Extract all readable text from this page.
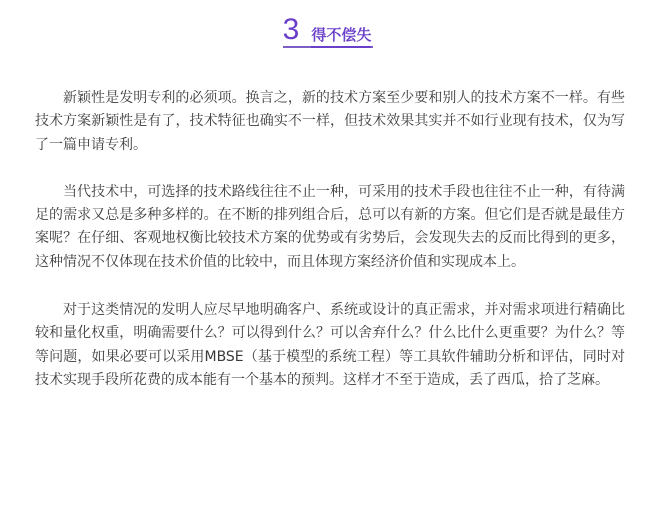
3 得不偿失

新颖性是发明专利的必须项。换言之，新的技术方案至少要和别人的技术方案不一样。有些技术方案新颖性是有了，技术特征也确实不一样，但技术效果其实并不如行业现有技术，仅为写了一篇申请专利。

当代技术中，可选择的技术路线往往不止一种，可采用的技术手段也往往不止一种，有待满足的需求又总是多种多样的。在不断的排列组合后，总可以有新的方案。但它们是否就是最佳方案呢？在仔细、客观地权衡比较技术方案的优势或有劣势后，会发现失去的反而比得到的更多，这种情况不仅体现在技术价值的比较中，而且体现方案经济价值和实现成本上。

对于这类情况的发明人应尽早地明确客户、系统或设计的真正需求，并对需求项进行精确比较和量化权重，明确需要什么？可以得到什么？可以舍弃什么？什么比什么更重要？为什么？等等问题，如果必要可以采用MBSE（基于模型的系统工程）等工具软件辅助分析和评估，同时对技术实现手段所花费的成本能有一个基本的预判。这样才不至于造成，丢了西瓜，拾了芝麻。
